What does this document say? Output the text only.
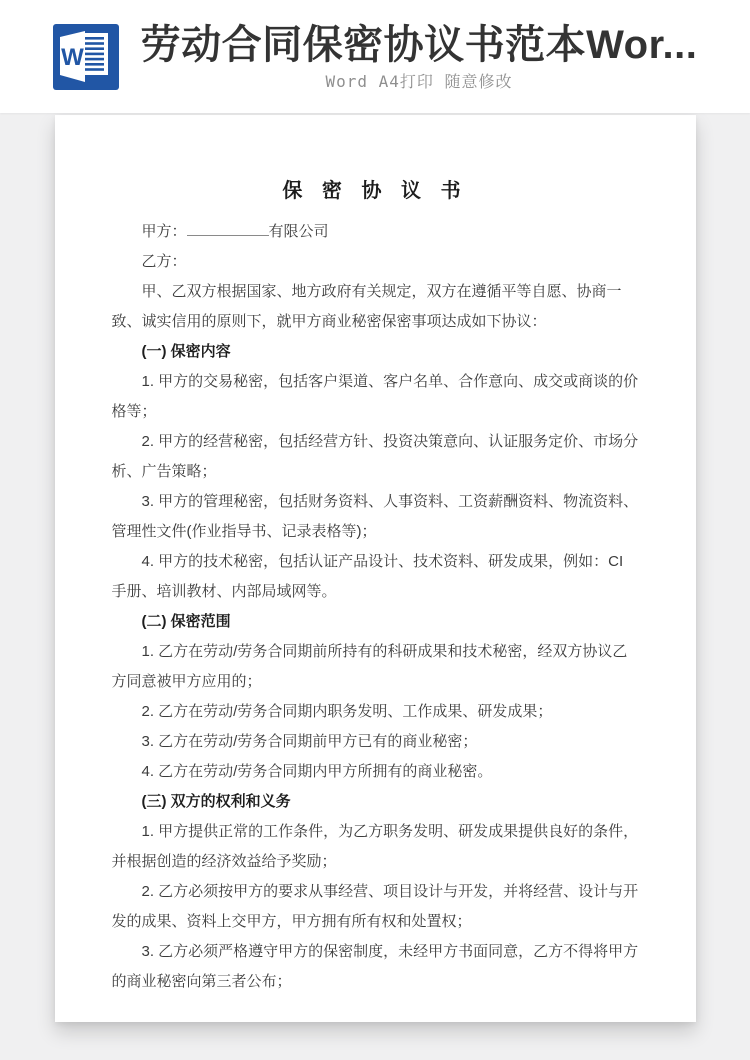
W 劳动合同保密协议书范本Wor...
Word A4打印 随意修改
保 密 协 议 书

甲方：	有限公司

乙方：

甲、乙双方根据国家、地方政府有关规定，双方在遵循平等自愿、协商一致、诚实信用的原则下，就甲方商业秘密保密事项达成如下协议：

(一) 保密内容

1. 甲方的交易秘密，包括客户渠道、客户名单、合作意向、成交或商谈的价格等；

2. 甲方的经营秘密，包括经营方针、投资决策意向、认证服务定价、市场分析、广告策略；

3. 甲方的管理秘密，包括财务资料、人事资料、工资薪酬资料、物流资料、管理性文件(作业指导书、记录表格等)；

4. 甲方的技术秘密，包括认证产品设计、技术资料、研发成果，例如：CI 手册、培训教材、内部局域网等。

(二) 保密范围

1. 乙方在劳动/劳务合同期前所持有的科研成果和技术秘密，经双方协议乙方同意被甲方应用的；

2. 乙方在劳动/劳务合同期内职务发明、工作成果、研发成果；

3. 乙方在劳动/劳务合同期前甲方已有的商业秘密；

4. 乙方在劳动/劳务合同期内甲方所拥有的商业秘密。

(三) 双方的权利和义务

1. 甲方提供正常的工作条件，为乙方职务发明、研发成果提供良好的条件，并根据创造的经济效益给予奖励；

2. 乙方必须按甲方的要求从事经营、项目设计与开发，并将经营、设计与开发的成果、资料上交甲方，甲方拥有所有权和处置权；

3. 乙方必须严格遵守甲方的保密制度，未经甲方书面同意，乙方不得将甲方的商业秘密向第三者公布；
